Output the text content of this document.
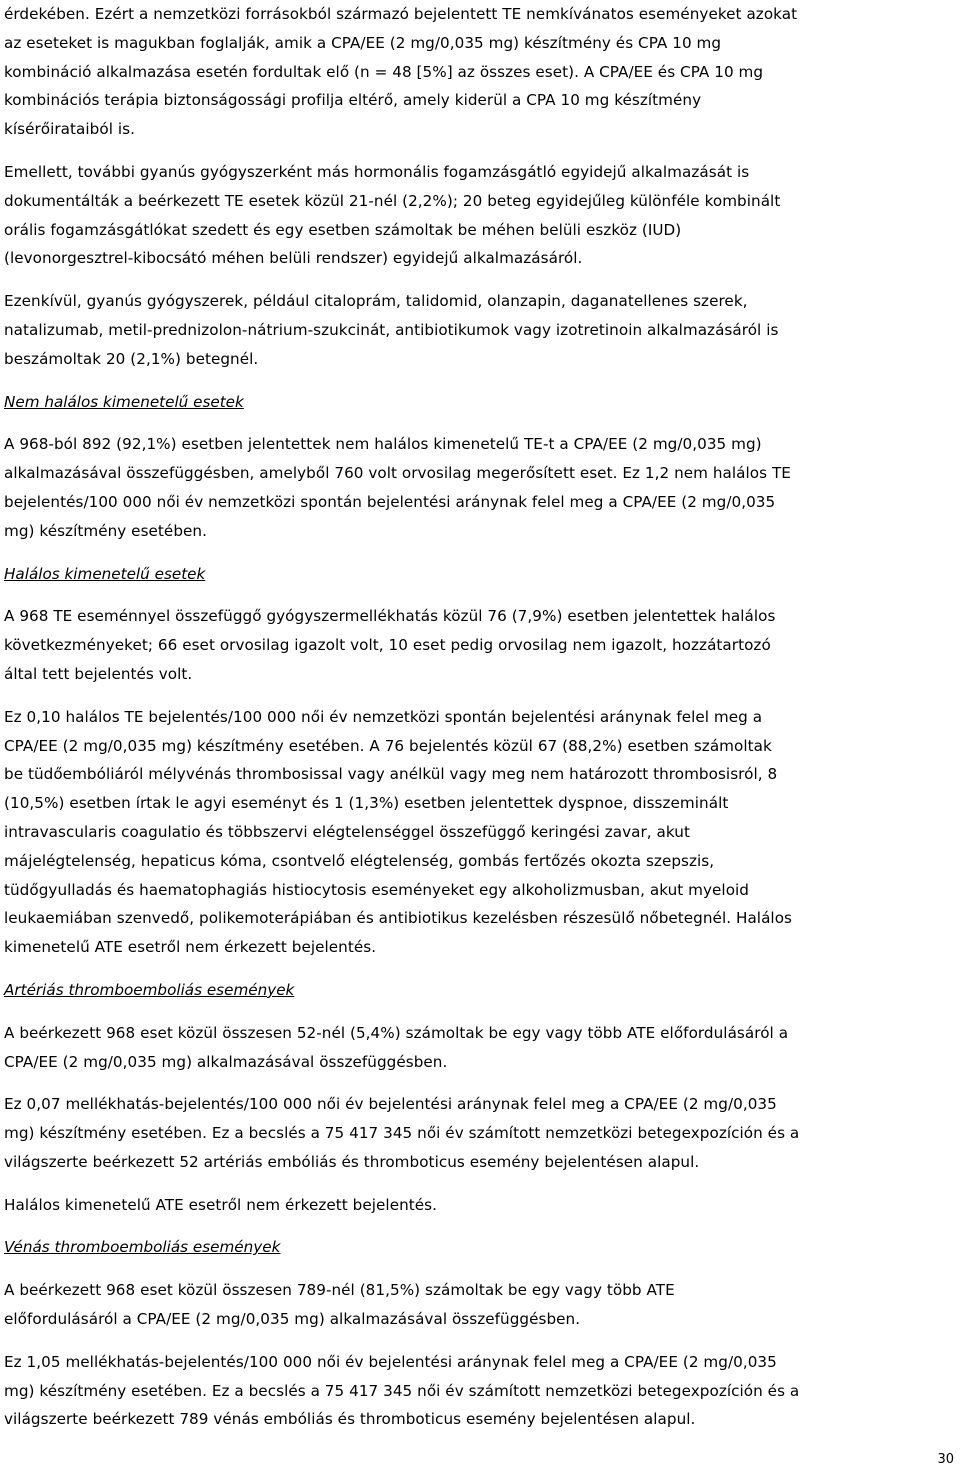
érdekében. Ezért a nemzetközi forrásokból származó bejelentett TE nemkívánatos eseményeket azokat
az eseteket is magukban foglalják, amik a CPA/EE (2 mg/0,035 mg) készítmény és CPA 10 mg
kombináció alkalmazása esetén fordultak elő (n = 48 [5%] az összes eset). A CPA/EE és CPA 10 mg
kombinációs terápia biztonságossági profilja eltérő, amely kiderül a CPA 10 mg készítmény
kísérőirataiból is.
Emellett, további gyanús gyógyszerként más hormonális fogamzásgátló egyidejű alkalmazását is
dokumentálták a beérkezett TE esetek közül 21-nél (2,2%); 20 beteg egyidejűleg különféle kombinált
orális fogamzásgátlókat szedett és egy esetben számoltak be méhen belüli eszköz (IUD)
(levonorgesztrel-kibocsátó méhen belüli rendszer) egyidejű alkalmazásáról.
Ezenkívül, gyanús gyógyszerek, például citaloprám, talidomid, olanzapin, daganatellenes szerek,
natalizumab, metil-prednizolon-nátrium-szukcinát, antibiotikumok vagy izotretinoin alkalmazásáról is
beszámoltak 20 (2,1%) betegnél.
Nem halálos kimenetelű esetek
A 968-ból 892 (92,1%) esetben jelentettek nem halálos kimenetelű TE-t a CPA/EE (2 mg/0,035 mg)
alkalmazásával összefüggésben, amelyből 760 volt orvosilag megerősített eset. Ez 1,2 nem halálos TE
bejelentés/100 000 női év nemzetközi spontán bejelentési aránynak felel meg a CPA/EE (2 mg/0,035
mg) készítmény esetében.
Halálos kimenetelű esetek
A 968 TE eseménnyel összefüggő gyógyszermellékhatás közül 76 (7,9%) esetben jelentettek halálos
következményeket; 66 eset orvosilag igazolt volt, 10 eset pedig orvosilag nem igazolt, hozzátartozó
által tett bejelentés volt.
Ez 0,10 halálos TE bejelentés/100 000 női év nemzetközi spontán bejelentési aránynak felel meg a
CPA/EE (2 mg/0,035 mg) készítmény esetében. A 76 bejelentés közül 67 (88,2%) esetben számoltak
be tüdőembóliáról mélyvénás thrombosissal vagy anélkül vagy meg nem határozott thrombosisról, 8
(10,5%) esetben írtak le agyi eseményt és 1 (1,3%) esetben jelentettek dyspnoe, disszeminált
intravascularis coagulatio és többszervi elégtelenséggel összefüggő keringési zavar, akut
májelégtelenség, hepaticus kóma, csontvelő elégtelenség, gombás fertőzés okozta szepszis,
tüdőgyulladás és haematophagiás histiocytosis eseményeket egy alkoholizmusban, akut myeloid
leukaemiában szenvedő, polikemoterápiában és antibiotikus kezelésben részesülő nőbetegnél. Halálos
kimenetelű ATE esetről nem érkezett bejelentés.
Artériás thromboemboliás események
A beérkezett 968 eset közül összesen 52-nél (5,4%) számoltak be egy vagy több ATE előfordulásáról a
CPA/EE (2 mg/0,035 mg) alkalmazásával összefüggésben.
Ez 0,07 mellékhatás-bejelentés/100 000 női év bejelentési aránynak felel meg a CPA/EE (2 mg/0,035
mg) készítmény esetében. Ez a becslés a 75 417 345 női év számított nemzetközi betegexpozíción és a
világszerte beérkezett 52 artériás embóliás és thromboticus esemény bejelentésen alapul.
Halálos kimenetelű ATE esetről nem érkezett bejelentés.
Vénás thromboemboliás események
A beérkezett 968 eset közül összesen 789-nél (81,5%) számoltak be egy vagy több ATE
előfordulásáról a CPA/EE (2 mg/0,035 mg) alkalmazásával összefüggésben.
Ez 1,05 mellékhatás-bejelentés/100 000 női év bejelentési aránynak felel meg a CPA/EE (2 mg/0,035
mg) készítmény esetében. Ez a becslés a 75 417 345 női év számított nemzetközi betegexpozíción és a
világszerte beérkezett 789 vénás embóliás és thromboticus esemény bejelentésen alapul.
30
